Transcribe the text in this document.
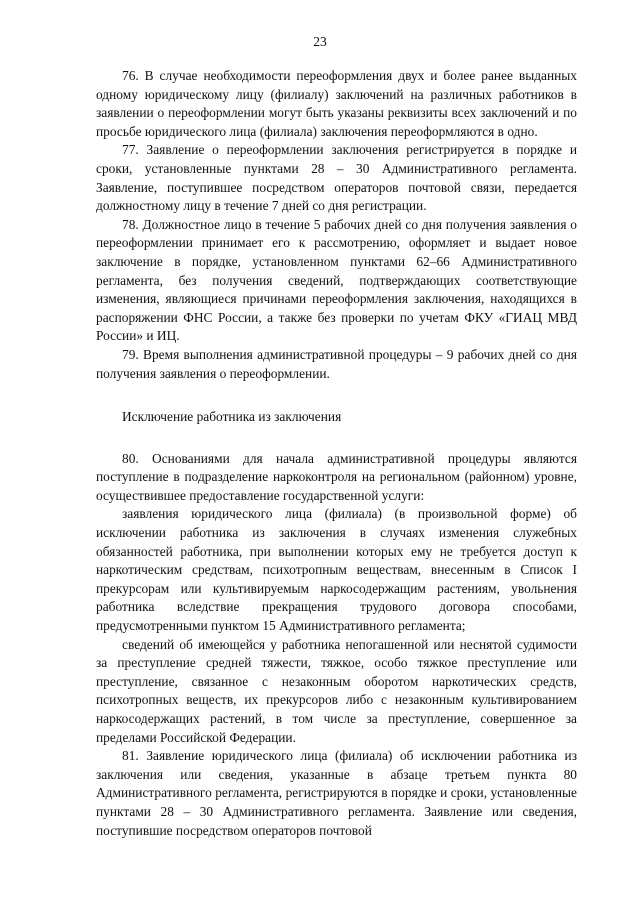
23

76. В случае необходимости переоформления двух и более ранее выданных одному юридическому лицу (филиалу) заключений на различных работников в заявлении о переоформлении могут быть указаны реквизиты всех заключений и по просьбе юридического лица (филиала) заключения переоформляются в одно.

77. Заявление о переоформлении заключения регистрируется в порядке и сроки, установленные пунктами 28 – 30 Административного регламента. Заявление, поступившее посредством операторов почтовой связи, передается должностному лицу в течение 7 дней со дня регистрации.

78. Должностное лицо в течение 5 рабочих дней со дня получения заявления о переоформлении принимает его к рассмотрению, оформляет и выдает новое заключение в порядке, установленном пунктами 62–66 Административного регламента, без получения сведений, подтверждающих соответствующие изменения, являющиеся причинами переоформления заключения, находящихся в распоряжении ФНС России, а также без проверки по учетам ФКУ «ГИАЦ МВД России» и ИЦ.

79. Время выполнения административной процедуры – 9 рабочих дней со дня получения заявления о переоформлении.

Исключение работника из заключения

80. Основаниями для начала административной процедуры являются поступление в подразделение наркоконтроля на региональном (районном) уровне, осуществившее предоставление государственной услуги:

заявления юридического лица (филиала) (в произвольной форме) об исключении работника из заключения в случаях изменения служебных обязанностей работника, при выполнении которых ему не требуется доступ к наркотическим средствам, психотропным веществам, внесенным в Список I прекурсорам или культивируемым наркосодержащим растениям, увольнения работника вследствие прекращения трудового договора способами, предусмотренными пунктом 15 Административного регламента;

сведений об имеющейся у работника непогашенной или неснятой судимости за преступление средней тяжести, тяжкое, особо тяжкое преступление или преступление, связанное с незаконным оборотом наркотических средств, психотропных веществ, их прекурсоров либо с незаконным культивированием наркосодержащих растений, в том числе за преступление, совершенное за пределами Российской Федерации.

81. Заявление юридического лица (филиала) об исключении работника из заключения или сведения, указанные в абзаце третьем пункта 80 Административного регламента, регистрируются в порядке и сроки, установленные пунктами 28 – 30 Административного регламента. Заявление или сведения, поступившие посредством операторов почтовой
